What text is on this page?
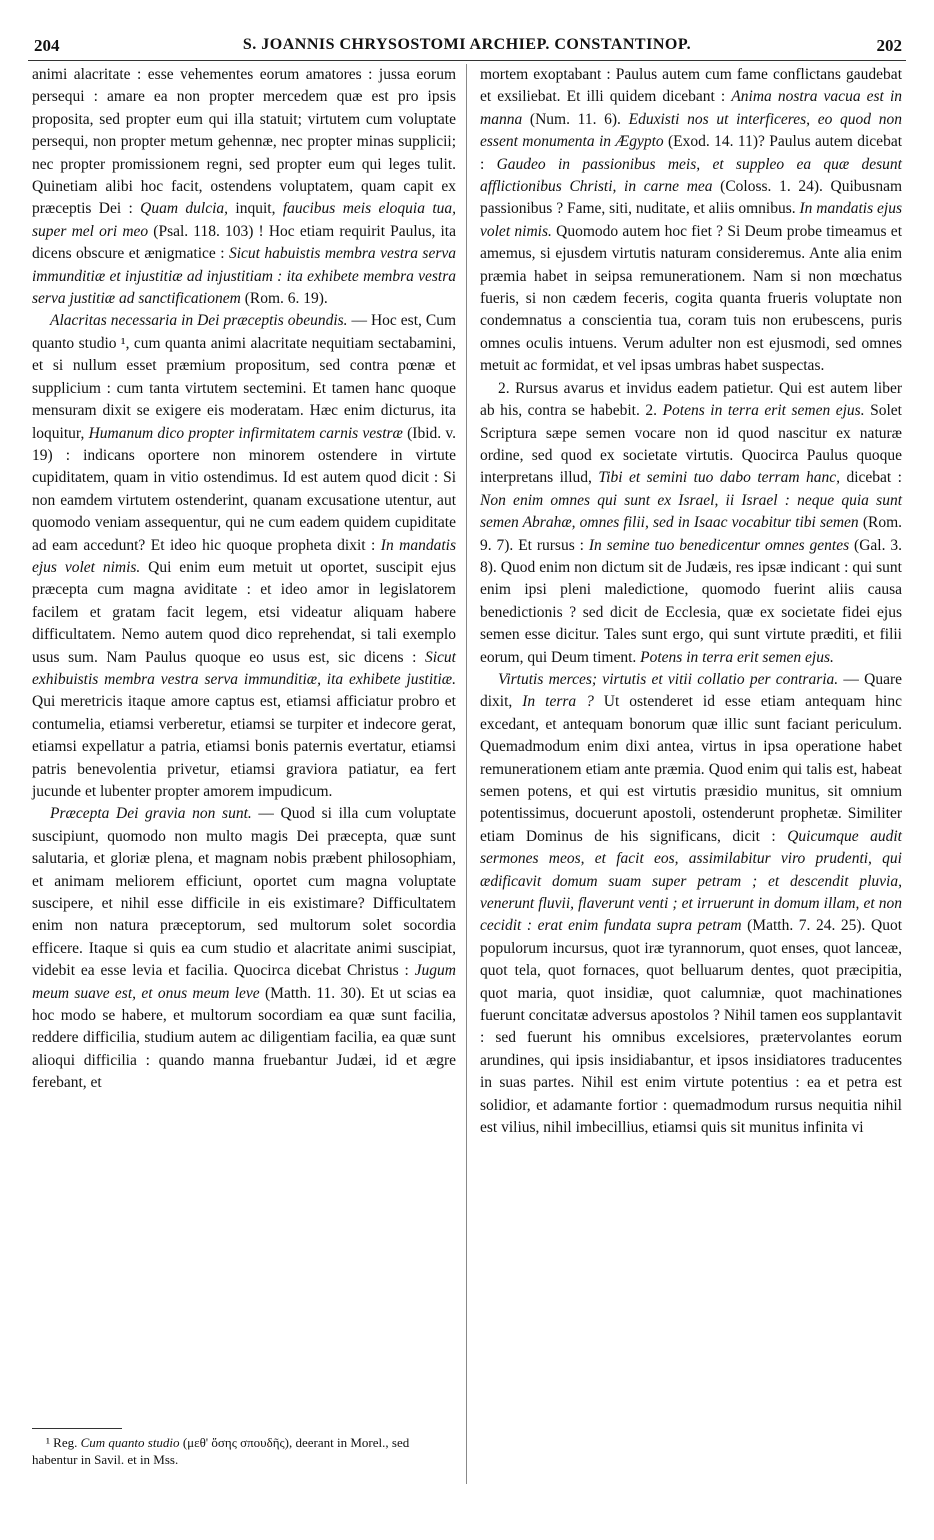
204	S. JOANNIS CHRYSOSTOMI ARCHIEP. CONSTANTINOP.	202

animi alacritate : esse vehementes eorum amatores : jussa eorum persequi : amare ea non propter mercedem quæ est pro ipsis proposita, sed propter eum qui illa statuit; virtutem cum voluptate persequi, non propter metum gehennæ, nec propter minas supplicii; nec propter promissionem regni, sed propter eum qui leges tulit. Quinetiam alibi hoc facit, ostendens voluptatem, quam capit ex præceptis Dei : Quam dulcia, inquit, faucibus meis eloquia tua, super mel ori meo (Psal. 118. 103) ! Hoc etiam requirit Paulus, ita dicens obscure et ænigmatice : Sicut habuistis membra vestra serva immunditiæ et injustitiæ ad injustitiam : ita exhibete membra vestra serva justitiæ ad sanctificationem (Rom. 6. 19).

Alacritas necessaria in Dei præceptis obeundis. — Hoc est, Cum quanto studio ¹, cum quanta animi alacritate nequitiam sectabamini, et si nullum esset præmium propositum, sed contra pœnæ et supplicium : cum tanta virtutem sectemini. Et tamen hanc quoque mensuram dixit se exigere eis moderatam. Hæc enim dicturus, ita loquitur, Humanum dico propter infirmitatem carnis vestræ (Ibid. v. 19) : indicans oportere non minorem ostendere in virtute cupiditatem, quam in vitio ostendimus. Id est autem quod dicit : Si non eamdem virtutem ostenderint, quanam excusatione utentur, aut quomodo veniam assequentur, qui ne cum eadem quidem cupiditate ad eam accedunt? Et ideo hic quoque propheta dixit : In mandatis ejus volet nimis. Qui enim eum metuit ut oportet, suscipit ejus præcepta cum magna aviditate : et ideo amor in legislatorem facilem et gratam facit legem, etsi videatur aliquam habere difficultatem. Nemo autem quod dico reprehendat, si tali exemplo usus sum. Nam Paulus quoque eo usus est, sic dicens : Sicut exhibuistis membra vestra serva immunditiæ, ita exhibete justitiæ. Qui meretricis itaque amore captus est, etiamsi afficiatur probro et contumelia, etiamsi verberetur, etiamsi se turpiter et indecore gerat, etiamsi expellatur a patria, etiamsi bonis paternis evertatur, etiamsi patris benevolentia privetur, etiamsi graviora patiatur, ea fert jucunde et lubenter propter amorem impudicum.

Præcepta Dei gravia non sunt. — Quod si illa cum voluptate suscipiunt, quomodo non multo magis Dei præcepta, quæ sunt salutaria, et gloriæ plena, et magnam nobis præbent philosophiam, et animam meliorem efficiunt, oportet cum magna voluptate suscipere, et nihil esse difficile in eis existimare? Difficultatem enim non natura præceptorum, sed multorum solet socordia efficere. Itaque si quis ea cum studio et alacritate animi suscipiat, videbit ea esse levia et facilia. Quocirca dicebat Christus : Jugum meum suave est, et onus meum leve (Matth. 11. 30). Et ut scias ea hoc modo se habere, et multorum socordiam ea quæ sunt facilia, reddere difficilia, studium autem ac diligentiam facilia, ea quæ sunt alioqui difficilia : quando manna fruebantur Judæi, id et ægre ferebant, et

mortem exoptabant : Paulus autem cum fame conflictans gaudebat et exsiliebat. Et illi quidem dicebant : Anima nostra vacua est in manna (Num. 11. 6). Eduxisti nos ut interficeres, eo quod non essent monumenta in Ægypto (Exod. 14. 11)? Paulus autem dicebat : Gaudeo in passionibus meis, et suppleo ea quæ desunt afflictionibus Christi, in carne mea (Coloss. 1. 24). Quibusnam passionibus ? Fame, siti, nuditate, et aliis omnibus. In mandatis ejus volet nimis. Quomodo autem hoc fiet ? Si Deum probe timeamus et amemus, si ejusdem virtutis naturam consideremus. Ante alia enim præmia habet in seipsa remunerationem. Nam si non mœchatus fueris, si non cædem feceris, cogita quanta frueris voluptate non condemnatus a conscientia tua, coram tuis non erubescens, puris omnes oculis intuens. Verum adulter non est ejusmodi, sed omnes metuit ac formidat, et vel ipsas umbras habet suspectas.

2. Rursus avarus et invidus eadem patietur. Qui est autem liber ab his, contra se habebit. 2. Potens in terra erit semen ejus. Solet Scriptura sæpe semen vocare non id quod nascitur ex naturæ ordine, sed quod ex societate virtutis. Quocirca Paulus quoque interpretans illud, Tibi et semini tuo dabo terram hanc, dicebat : Non enim omnes qui sunt ex Israel, ii Israel : neque quia sunt semen Abrahæ, omnes filii, sed in Isaac vocabitur tibi semen (Rom. 9. 7). Et rursus : In semine tuo benedicentur omnes gentes (Gal. 3. 8). Quod enim non dictum sit de Judæis, res ipsæ indicant : qui sunt enim ipsi pleni maledictione, quomodo fuerint aliis causa benedictionis ? sed dicit de Ecclesia, quæ ex societate fidei ejus semen esse dicitur. Tales sunt ergo, qui sunt virtute præditi, et filii eorum, qui Deum timent. Potens in terra erit semen ejus.

Virtutis merces; virtutis et vitii collatio per contraria. — Quare dixit, In terra ? Ut ostenderet id esse etiam antequam hinc excedant, et antequam bonorum quæ illic sunt faciant periculum. Quemadmodum enim dixi antea, virtus in ipsa operatione habet remunerationem etiam ante præmia. Quod enim qui talis est, habeat semen potens, et qui est virtutis præsidio munitus, sit omnium potentissimus, docuerunt apostoli, ostenderunt prophetæ. Similiter etiam Dominus de his significans, dicit : Quicumque audit sermones meos, et facit eos, assimilabitur viro prudenti, qui ædificavit domum suam super petram ; et descendit pluvia, venerunt fluvii, flaverunt venti ; et irruerunt in domum illam, et non cecidit : erat enim fundata supra petram (Matth. 7. 24. 25). Quot populorum incursus, quot iræ tyrannorum, quot enses, quot lanceæ, quot tela, quot fornaces, quot belluarum dentes, quot præcipitia, quot maria, quot insidiæ, quot calumniæ, quot machinationes fuerunt concitatæ adversus apostolos ? Nihil tamen eos supplantavit : sed fuerunt his omnibus excelsiores, prætervolantes eorum arundines, qui ipsis insidiabantur, et ipsos insidiatores traducentes in suas partes. Nihil est enim virtute potentius : ea et petra est solidior, et adamante fortior : quemadmodum rursus nequitia nihil est vilius, nihil imbecillius, etiamsi quis sit munitus infinita vi

¹ Reg. Cum quanto studio (μεθ' ὅσης σπουδῆς), deerant in Morel., sed habentur in Savil. et in Mss.
